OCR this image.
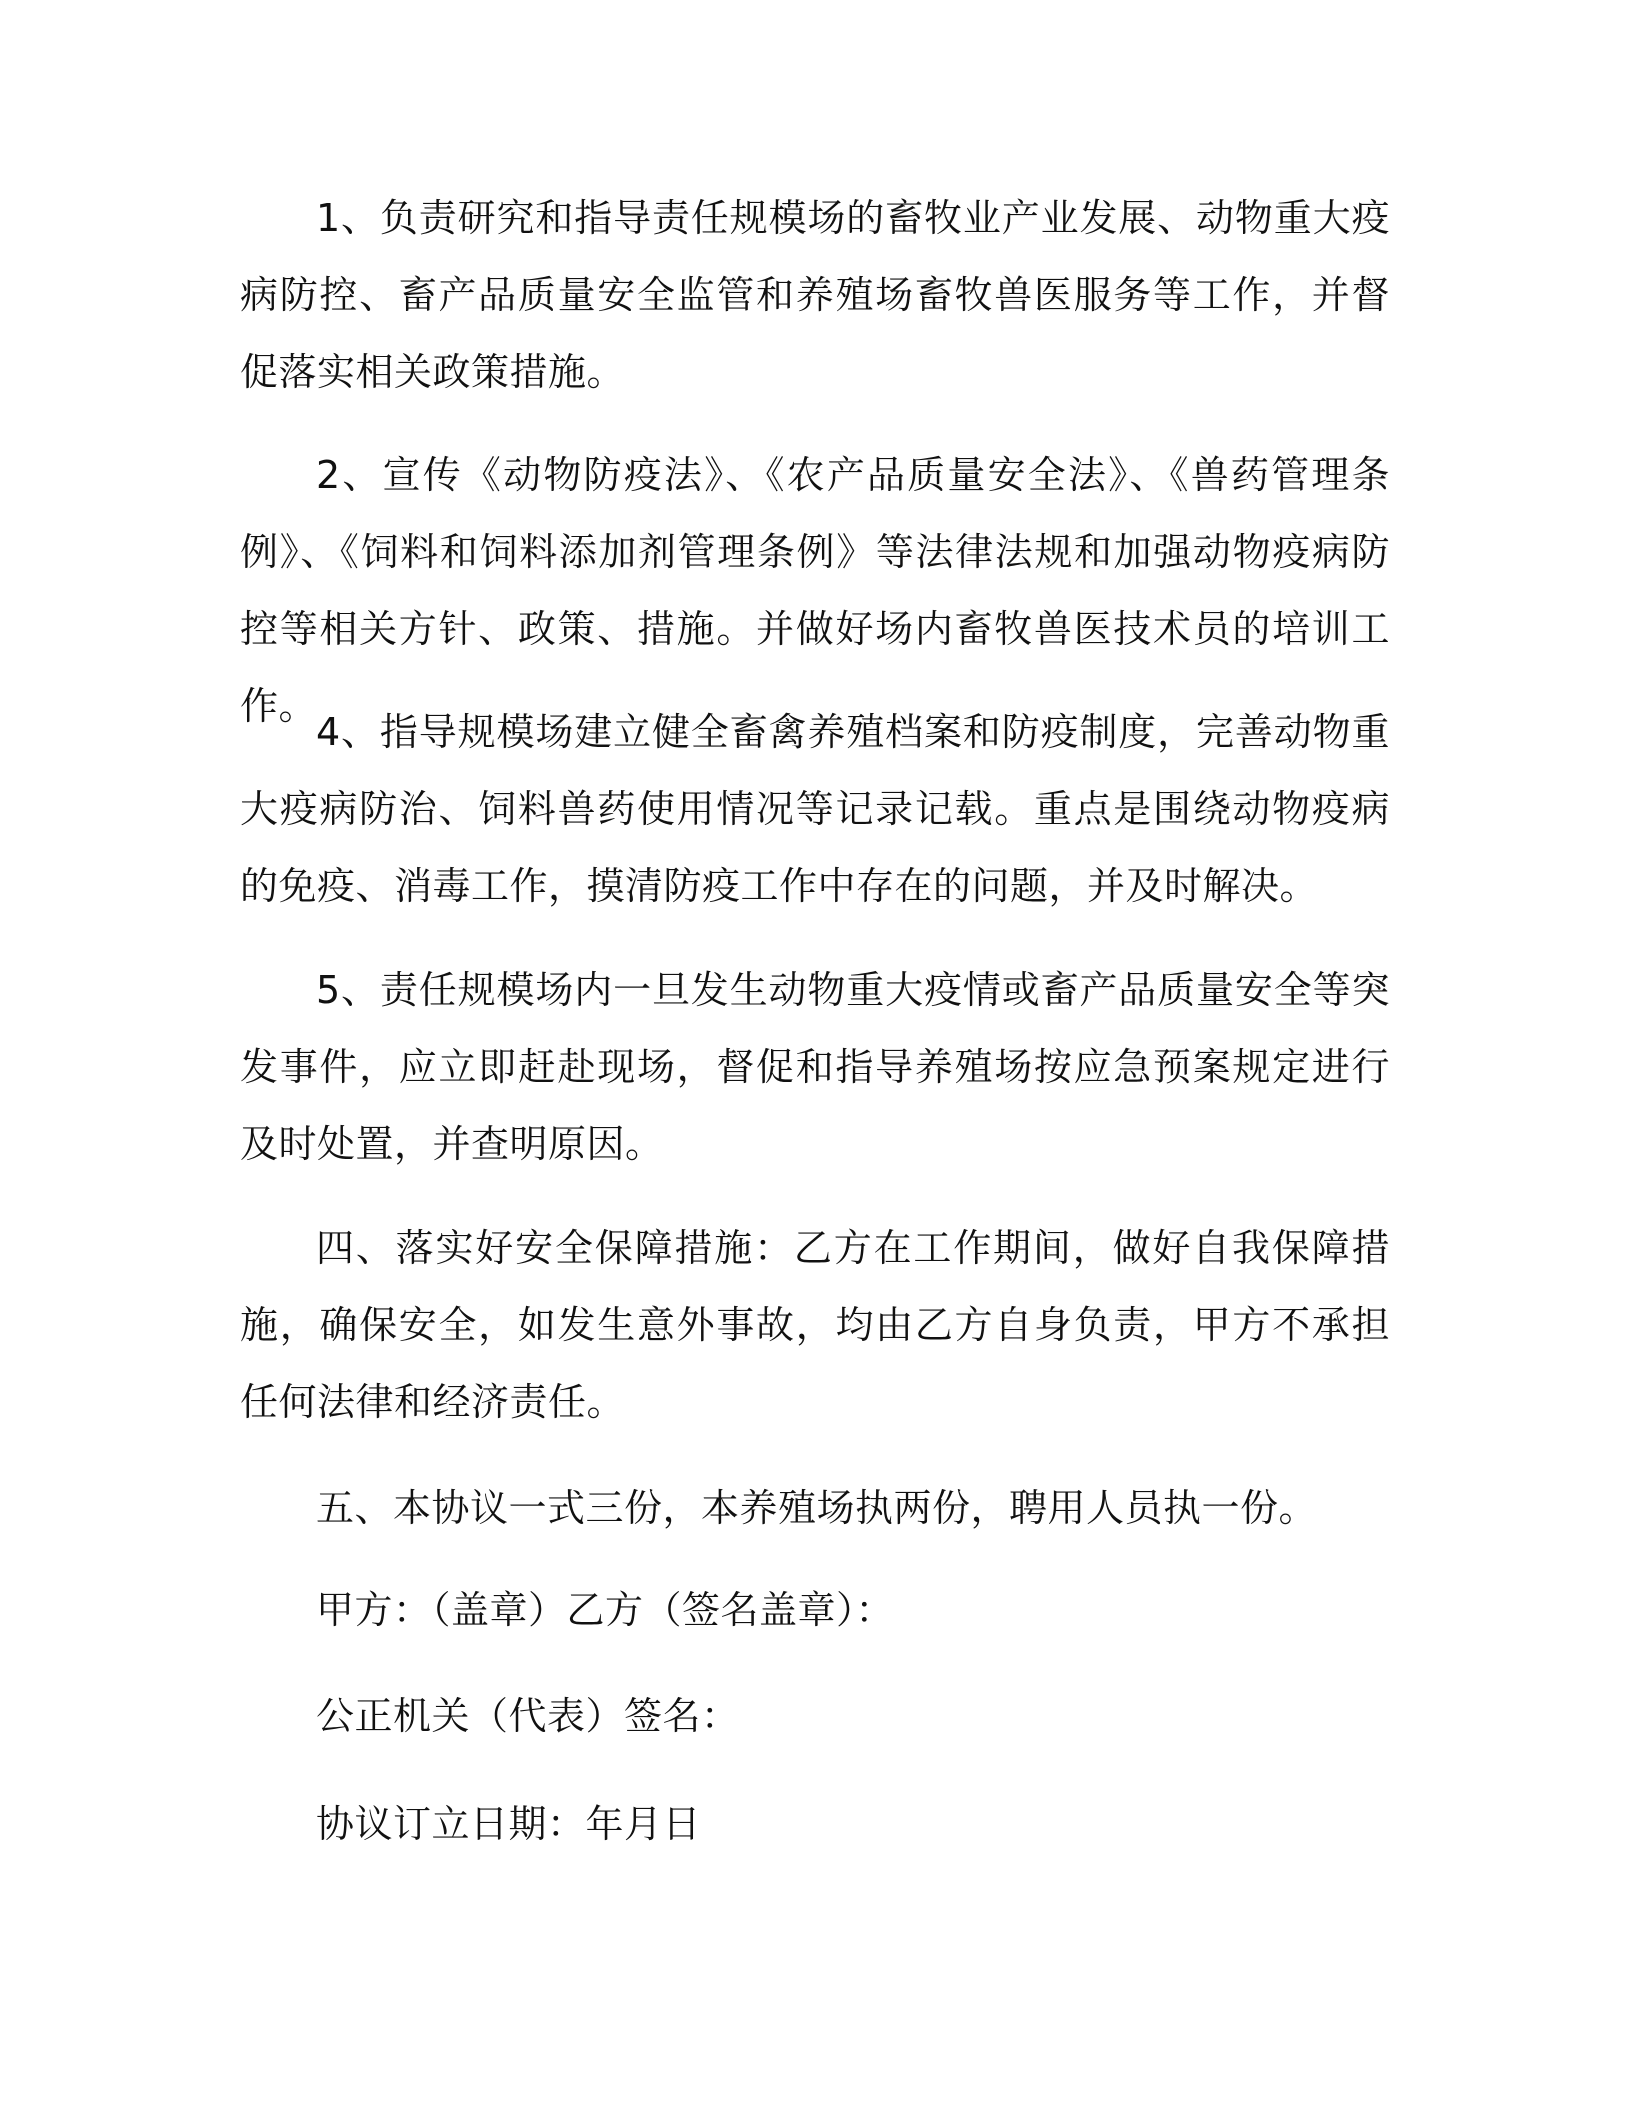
1、负责研究和指导责任规模场的畜牧业产业发展、动物重大疫病防控、畜产品质量安全监管和养殖场畜牧兽医服务等工作，并督促落实相关政策措施。

2、宣传《动物防疫法》、《农产品质量安全法》、《兽药管理条例》、《饲料和饲料添加剂管理条例》等法律法规和加强动物疫病防控等相关方针、政策、措施。并做好场内畜牧兽医技术员的培训工作。

4、指导规模场建立健全畜禽养殖档案和防疫制度，完善动物重大疫病防治、饲料兽药使用情况等记录记载。重点是围绕动物疫病的免疫、消毒工作，摸清防疫工作中存在的问题，并及时解决。

5、责任规模场内一旦发生动物重大疫情或畜产品质量安全等突发事件，应立即赶赴现场，督促和指导养殖场按应急预案规定进行及时处置，并查明原因。

四、落实好安全保障措施：乙方在工作期间，做好自我保障措施，确保安全，如发生意外事故，均由乙方自身负责，甲方不承担任何法律和经济责任。

五、本协议一式三份，本养殖场执两份，聘用人员执一份。

甲方：（盖章）乙方（签名盖章）：

公正机关（代表）签名：

协议订立日期：年月日
